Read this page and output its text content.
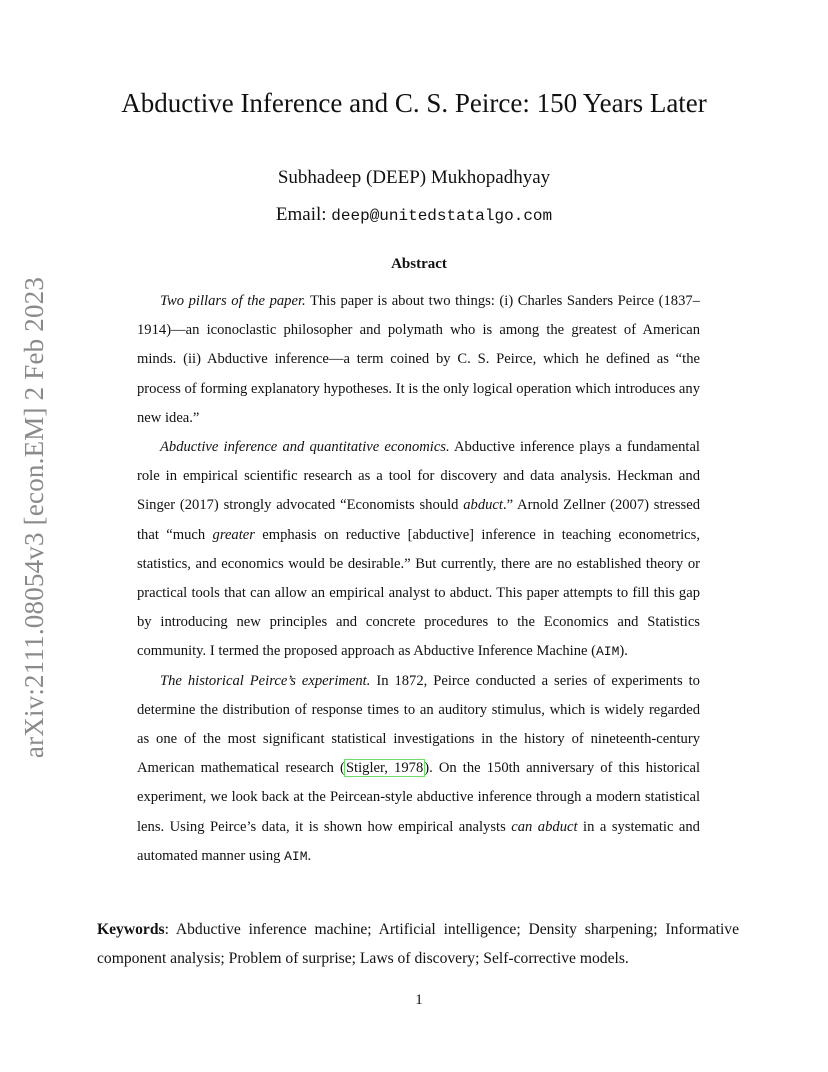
arXiv:2111.08054v3 [econ.EM] 2 Feb 2023
Abductive Inference and C. S. Peirce: 150 Years Later
Subhadeep (DEEP) Mukhopadhyay
Email: deep@unitedstatalgo.com
Abstract

Two pillars of the paper. This paper is about two things: (i) Charles Sanders Peirce (1837–1914)—an iconoclastic philosopher and polymath who is among the greatest of American minds. (ii) Abductive inference—a term coined by C. S. Peirce, which he defined as “the process of forming explanatory hypotheses. It is the only logical operation which introduces any new idea.”

Abductive inference and quantitative economics. Abductive inference plays a fundamental role in empirical scientific research as a tool for discovery and data analysis. Heckman and Singer (2017) strongly advocated “Economists should abduct.” Arnold Zellner (2007) stressed that “much greater emphasis on reductive [abductive] inference in teaching econometrics, statistics, and economics would be desirable.” But currently, there are no established theory or practical tools that can allow an empirical analyst to abduct. This paper attempts to fill this gap by introducing new principles and concrete procedures to the Economics and Statistics community. I termed the proposed approach as Abductive Inference Machine (AIM).

The historical Peirce’s experiment. In 1872, Peirce conducted a series of experiments to determine the distribution of response times to an auditory stimulus, which is widely regarded as one of the most significant statistical investigations in the history of nineteenth-century American mathematical research (Stigler, 1978). On the 150th anniversary of this historical experiment, we look back at the Peircean-style abductive inference through a modern statistical lens. Using Peirce’s data, it is shown how empirical analysts can abduct in a systematic and automated manner using AIM.

Keywords: Abductive inference machine; Artificial intelligence; Density sharpening; Informative component analysis; Problem of surprise; Laws of discovery; Self-corrective models.
1
